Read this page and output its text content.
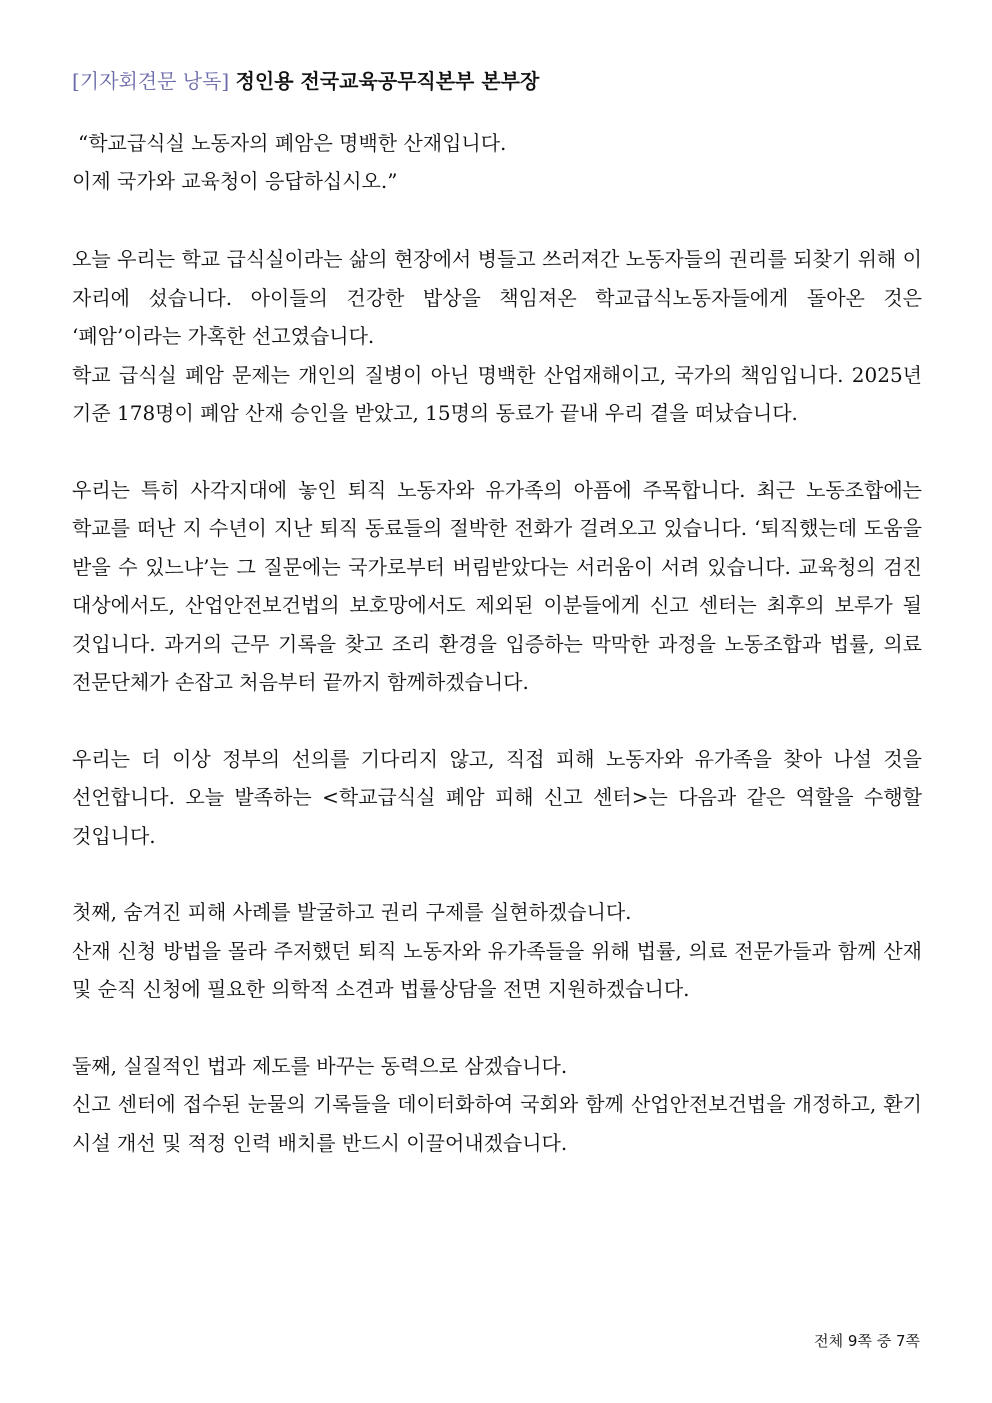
[기자회견문 낭독] 정인용 전국교육공무직본부 본부장
“학교급식실 노동자의 폐암은 명백한 산재입니다.
이제 국가와 교육청이 응답하십시오.”

오늘 우리는 학교 급식실이라는 삶의 현장에서 병들고 쓰러져간 노동자들의 권리를 되찾기 위해 이 자리에 섰습니다. 아이들의 건강한 밥상을 책임져온 학교급식노동자들에게 돌아온 것은 ‘폐암’이라는 가혹한 선고였습니다.

학교 급식실 폐암 문제는 개인의 질병이 아닌 명백한 산업재해이고, 국가의 책임입니다. 2025년 기준 178명이 폐암 산재 승인을 받았고, 15명의 동료가 끝내 우리 곁을 떠났습니다.

우리는 특히 사각지대에 놓인 퇴직 노동자와 유가족의 아픔에 주목합니다. 최근 노동조합에는 학교를 떠난 지 수년이 지난 퇴직 동료들의 절박한 전화가 걸려오고 있습니다. ‘퇴직했는데 도움을 받을 수 있느냐’는 그 질문에는 국가로부터 버림받았다는 서러움이 서려 있습니다. 교육청의 검진 대상에서도, 산업안전보건법의 보호망에서도 제외된 이분들에게 신고 센터는 최후의 보루가 될 것입니다. 과거의 근무 기록을 찾고 조리 환경을 입증하는 막막한 과정을 노동조합과 법률, 의료 전문단체가 손잡고 처음부터 끝까지 함께하겠습니다.

우리는 더 이상 정부의 선의를 기다리지 않고, 직접 피해 노동자와 유가족을 찾아 나설 것을 선언합니다. 오늘 발족하는 <학교급식실 폐암 피해 신고 센터>는 다음과 같은 역할을 수행할 것입니다.

첫째, 숨겨진 피해 사례를 발굴하고 권리 구제를 실현하겠습니다.

산재 신청 방법을 몰라 주저했던 퇴직 노동자와 유가족들을 위해 법률, 의료 전문가들과 함께 산재 및 순직 신청에 필요한 의학적 소견과 법률상담을 전면 지원하겠습니다.

둘째, 실질적인 법과 제도를 바꾸는 동력으로 삼겠습니다.

신고 센터에 접수된 눈물의 기록들을 데이터화하여 국회와 함께 산업안전보건법을 개정하고, 환기 시설 개선 및 적정 인력 배치를 반드시 이끌어내겠습니다.

전체 9쪽 중 7쪽
